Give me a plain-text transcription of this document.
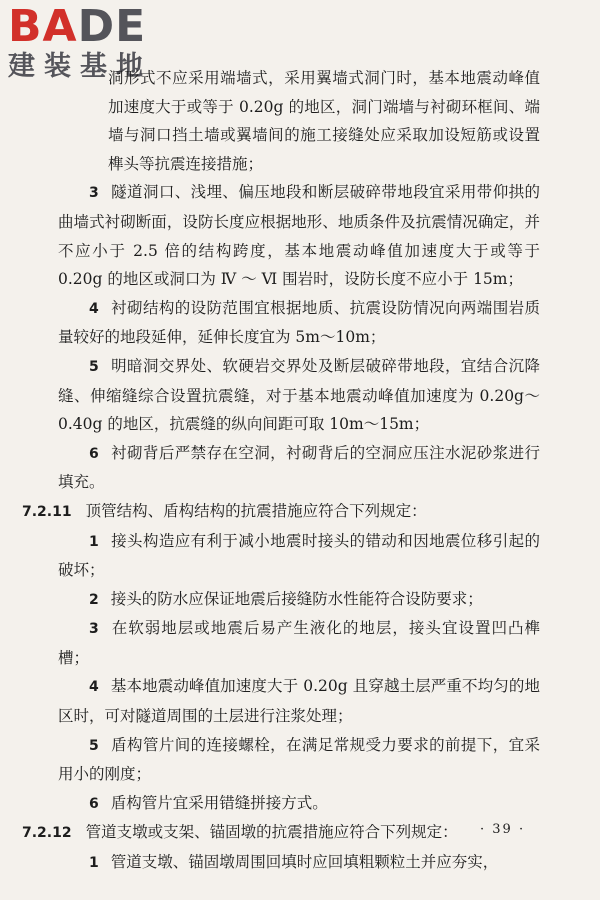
BADE
建装基地

洞形式不应采用端墙式，采用翼墙式洞门时，基本地震动峰值加速度大于或等于 0.20g 的地区，洞门端墙与衬砌环框间、端墙与洞口挡土墙或翼墙间的施工接缝处应采取加设短筋或设置榫头等抗震连接措施；

3 隧道洞口、浅埋、偏压地段和断层破碎带地段宜采用带仰拱的曲墙式衬砌断面，设防长度应根据地形、地质条件及抗震情况确定，并不应小于 2.5 倍的结构跨度，基本地震动峰值加速度大于或等于 0.20g 的地区或洞口为 Ⅳ ～ Ⅵ 围岩时，设防长度不应小于 15m；

4 衬砌结构的设防范围宜根据地质、抗震设防情况向两端围岩质量较好的地段延伸，延伸长度宜为 5m～10m；

5 明暗洞交界处、软硬岩交界处及断层破碎带地段，宜结合沉降缝、伸缩缝综合设置抗震缝，对于基本地震动峰值加速度为 0.20g～0.40g 的地区，抗震缝的纵向间距可取 10m～15m；

6 衬砌背后严禁存在空洞，衬砌背后的空洞应压注水泥砂浆进行填充。

7.2.11 顶管结构、盾构结构的抗震措施应符合下列规定：

1 接头构造应有利于减小地震时接头的错动和因地震位移引起的破坏；

2 接头的防水应保证地震后接缝防水性能符合设防要求；

3 在软弱地层或地震后易产生液化的地层，接头宜设置凹凸榫槽；

4 基本地震动峰值加速度大于 0.20g 且穿越土层严重不均匀的地区时，可对隧道周围的土层进行注浆处理；

5 盾构管片间的连接螺栓，在满足常规受力要求的前提下，宜采用小的刚度；

6 盾构管片宜采用错缝拼接方式。

7.2.12 管道支墩或支架、锚固墩的抗震措施应符合下列规定：

1 管道支墩、锚固墩周围回填时应回填粗颗粒土并应夯实，

· 39 ·
